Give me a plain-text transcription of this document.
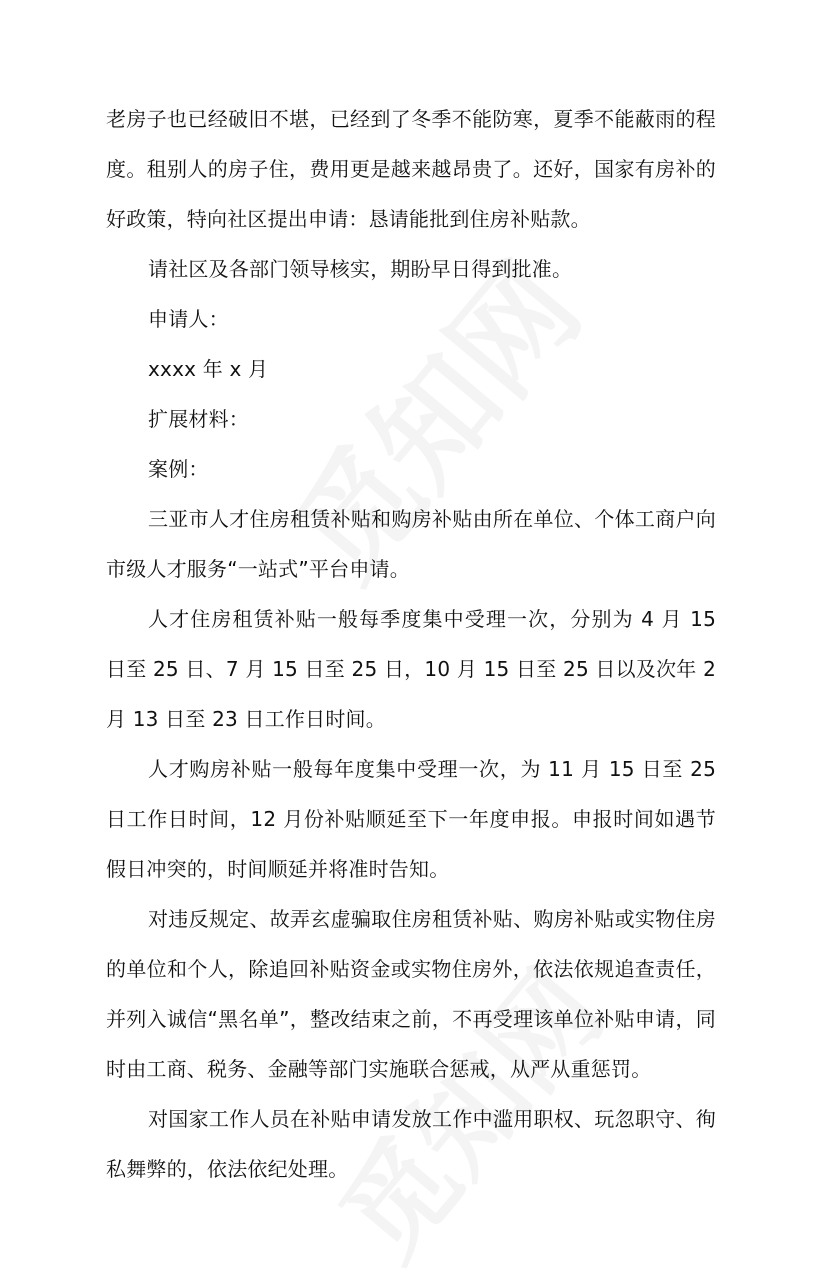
老房子也已经破旧不堪，已经到了冬季不能防寒，夏季不能蔽雨的程度。租别人的房子住，费用更是越来越昂贵了。还好，国家有房补的好政策，特向社区提出申请：恳请能批到住房补贴款。

请社区及各部门领导核实，期盼早日得到批准。

申请人：

xxxx 年 x 月

扩展材料：

案例：

三亚市人才住房租赁补贴和购房补贴由所在单位、个体工商户向市级人才服务“一站式”平台申请。

人才住房租赁补贴一般每季度集中受理一次，分别为 4 月 15 日至 25 日、7 月 15 日至 25 日，10 月 15 日至 25 日以及次年 2 月 13 日至 23 日工作日时间。

人才购房补贴一般每年度集中受理一次，为 11 月 15 日至 25 日工作日时间，12 月份补贴顺延至下一年度申报。申报时间如遇节假日冲突的，时间顺延并将准时告知。

对违反规定、故弄玄虚骗取住房租赁补贴、购房补贴或实物住房的单位和个人，除追回补贴资金或实物住房外，依法依规追查责任，并列入诚信“黑名单”，整改结束之前，不再受理该单位补贴申请，同时由工商、税务、金融等部门实施联合惩戒，从严从重惩罚。

对国家工作人员在补贴申请发放工作中滥用职权、玩忽职守、徇私舞弊的，依法依纪处理。
